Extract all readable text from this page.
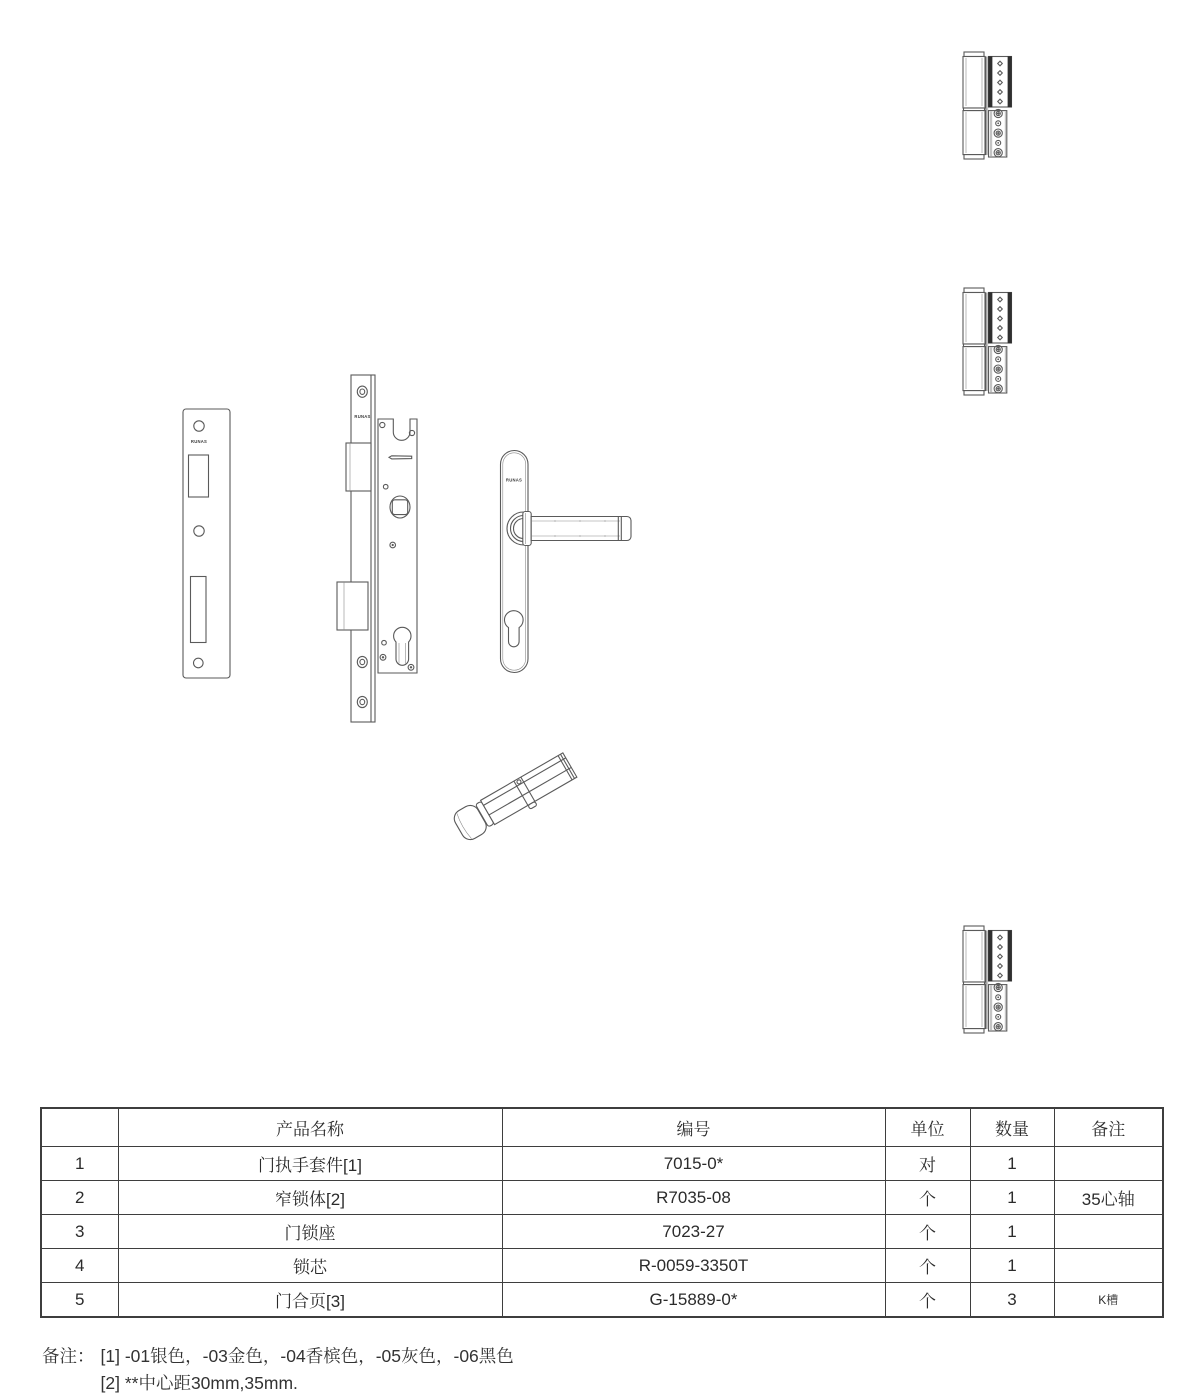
RUNAS
RUNAS
RUNAS
	产品名称	编号	单位	数量	备注
1	门执手套件[1]	7015-0*	对	1	
2	窄锁体[2]	R7035-08	个	1	35心轴
3	门锁座	7023-27	个	1	
4	锁芯	R-0059-3350T	个	1	
5	门合页[3]	G-15889-0*	个	3	K槽
备注： [1] -01银色，-03金色，-04香槟色，-05灰色，-06黑色
[2] **中心距30mm,35mm.
